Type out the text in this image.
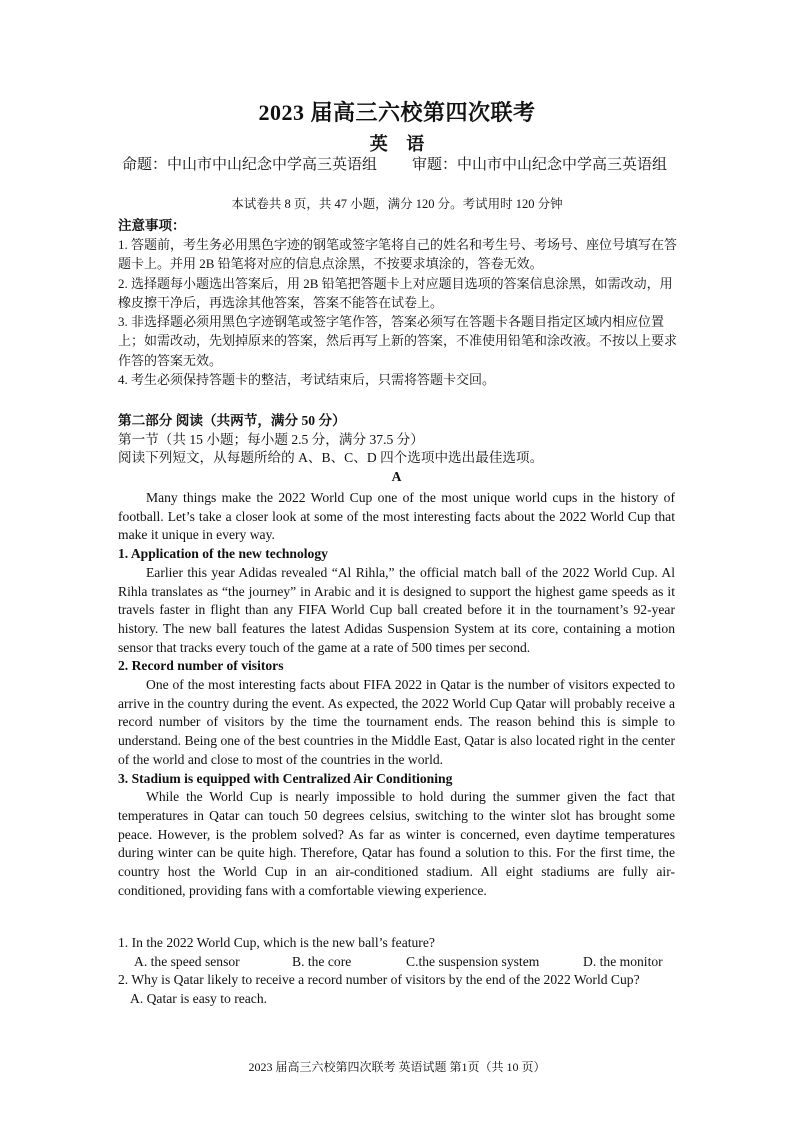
2023 届高三六校第四次联考
英 语
命题：中山市中山纪念中学高三英语组 审题：中山市中山纪念中学高三英语组
本试卷共 8 页，共 47 小题，满分 120 分。考试用时 120 分钟
注意事项：

1. 答题前，考生务必用黑色字迹的钢笔或签字笔将自己的姓名和考生号、考场号、座位号填写在答题卡上。并用 2B 铅笔将对应的信息点涂黑，不按要求填涂的，答卷无效。

2. 选择题每小题选出答案后，用 2B 铅笔把答题卡上对应题目选项的答案信息涂黑，如需改动，用橡皮擦干净后，再选涂其他答案，答案不能答在试卷上。

3. 非选择题必须用黑色字迹钢笔或签字笔作答，答案必须写在答题卡各题目指定区域内相应位置上；如需改动，先划掉原来的答案，然后再写上新的答案，不准使用铅笔和涂改液。不按以上要求作答的答案无效。

4. 考生必须保持答题卡的整洁，考试结束后，只需将答题卡交回。

第二部分 阅读（共两节，满分 50 分）

第一节（共 15 小题；每小题 2.5 分，满分 37.5 分）

阅读下列短文，从每题所给的 A、B、C、D 四个选项中选出最佳选项。

A

Many things make the 2022 World Cup one of the most unique world cups in the history of football. Let’s take a closer look at some of the most interesting facts about the 2022 World Cup that make it unique in every way.

1. Application of the new technology

Earlier this year Adidas revealed “Al Rihla,” the official match ball of the 2022 World Cup. Al Rihla translates as “the journey” in Arabic and it is designed to support the highest game speeds as it travels faster in flight than any FIFA World Cup ball created before it in the tournament’s 92-year history. The new ball features the latest Adidas Suspension System at its core, containing a motion sensor that tracks every touch of the game at a rate of 500 times per second.

2. Record number of visitors

One of the most interesting facts about FIFA 2022 in Qatar is the number of visitors expected to arrive in the country during the event. As expected, the 2022 World Cup Qatar will probably receive a record number of visitors by the time the tournament ends. The reason behind this is simple to understand. Being one of the best countries in the Middle East, Qatar is also located right in the center of the world and close to most of the countries in the world.

3. Stadium is equipped with Centralized Air Conditioning

While the World Cup is nearly impossible to hold during the summer given the fact that temperatures in Qatar can touch 50 degrees celsius, switching to the winter slot has brought some peace. However, is the problem solved? As far as winter is concerned, even daytime temperatures during winter can be quite high. Therefore, Qatar has found a solution to this. For the first time, the country host the World Cup in an air-conditioned stadium. All eight stadiums are fully air-conditioned, providing fans with a comfortable viewing experience.

1. In the 2022 World Cup, which is the new ball’s feature?

A. the speed sensor	B. the core	C.the suspension system	D. the monitor

2. Why is Qatar likely to receive a record number of visitors by the end of the 2022 World Cup?

A. Qatar is easy to reach.

2023 届高三六校第四次联考 英语试题 第1页（共 10 页）
